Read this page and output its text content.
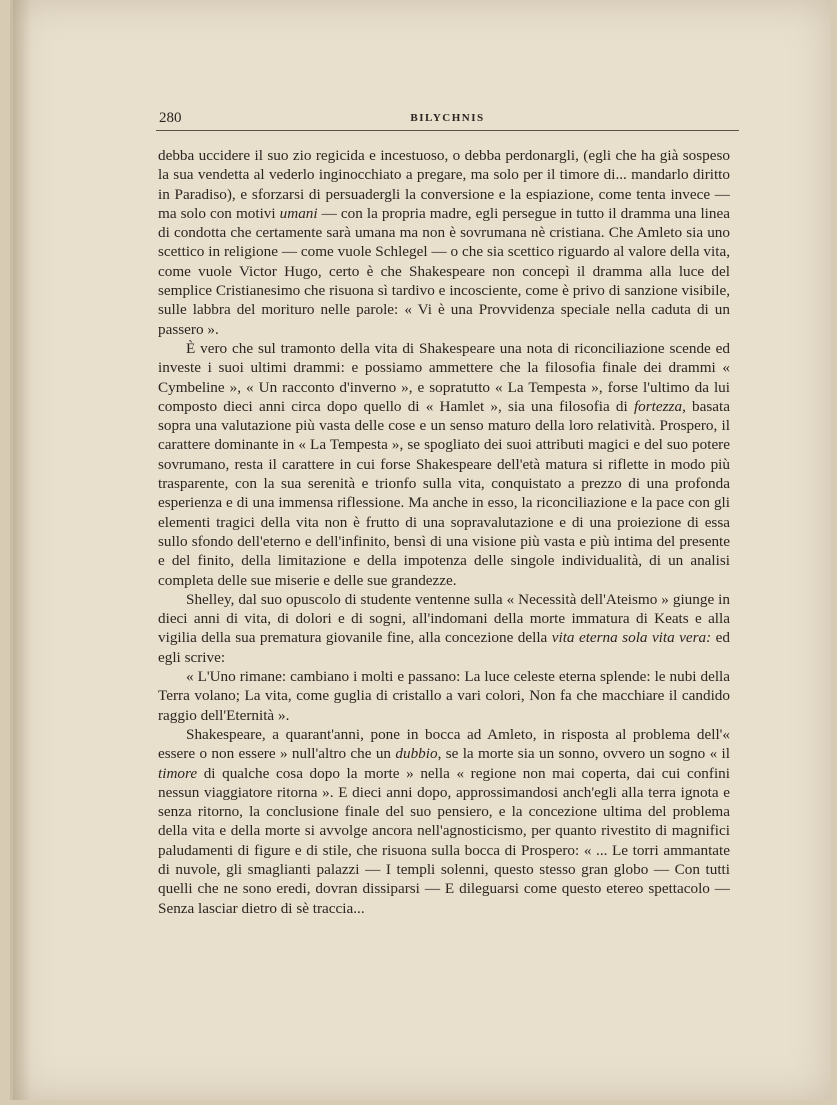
280	BILYCHNIS

debba uccidere il suo zio regicida e incestuoso, o debba perdonargli, (egli che ha già sospeso la sua vendetta al vederlo inginocchiato a pregare, ma solo per il timore di... mandarlo diritto in Paradiso), e sforzarsi di persuadergli la conversione e la espiazione, come tenta invece — ma solo con motivi umani — con la propria madre, egli persegue in tutto il dramma una linea di condotta che certamente sarà umana ma non è sovrumana nè cristiana. Che Amleto sia uno scettico in religione — come vuole Schlegel — o che sia scettico riguardo al valore della vita, come vuole Victor Hugo, certo è che Shakespeare non concepì il dramma alla luce del semplice Cristianesimo che risuona sì tardivo e incosciente, come è privo di sanzione visibile, sulle labbra del morituro nelle parole: « Vi è una Provvidenza speciale nella caduta di un passero ».

È vero che sul tramonto della vita di Shakespeare una nota di riconciliazione scende ed investe i suoi ultimi drammi: e possiamo ammettere che la filosofia finale dei drammi « Cymbeline », « Un racconto d'inverno », e sopratutto « La Tempesta », forse l'ultimo da lui composto dieci anni circa dopo quello di « Hamlet », sia una filosofia di fortezza, basata sopra una valutazione più vasta delle cose e un senso maturo della loro relatività. Prospero, il carattere dominante in « La Tempesta », se spogliato dei suoi attributi magici e del suo potere sovrumano, resta il carattere in cui forse Shakespeare dell'età matura si riflette in modo più trasparente, con la sua serenità e trionfo sulla vita, conquistato a prezzo di una profonda esperienza e di una immensa riflessione. Ma anche in esso, la riconciliazione e la pace con gli elementi tragici della vita non è frutto di una sopravalutazione e di una proiezione di essa sullo sfondo dell'eterno e dell'infinito, bensì di una visione più vasta e più intima del presente e del finito, della limitazione e della impotenza delle singole individualità, di un analisi completa delle sue miserie e delle sue grandezze.

Shelley, dal suo opuscolo di studente ventenne sulla « Necessità dell'Ateismo » giunge in dieci anni di vita, di dolori e di sogni, all'indomani della morte immatura di Keats e alla vigilia della sua prematura giovanile fine, alla concezione della vita eterna sola vita vera: ed egli scrive:

« L'Uno rimane: cambiano i molti e passano: La luce celeste eterna splende: le nubi della Terra volano; La vita, come guglia di cristallo a vari colori, Non fa che macchiare il candido raggio dell'Eternità ».

Shakespeare, a quarant'anni, pone in bocca ad Amleto, in risposta al problema dell'« essere o non essere » null'altro che un dubbio, se la morte sia un sonno, ovvero un sogno « il timore di qualche cosa dopo la morte » nella « regione non mai coperta, dai cui confini nessun viaggiatore ritorna ». E dieci anni dopo, approssimandosi anch'egli alla terra ignota e senza ritorno, la conclusione finale del suo pensiero, e la concezione ultima del problema della vita e della morte si avvolge ancora nell'agnosticismo, per quanto rivestito di magnifici paludamenti di figure e di stile, che risuona sulla bocca di Prospero: « ... Le torri ammantate di nuvole, gli smaglianti palazzi — I templi solenni, questo stesso gran globo — Con tutti quelli che ne sono eredi, dovran dissiparsi — E dileguarsi come questo etereo spettacolo — Senza lasciar dietro di sè traccia...
